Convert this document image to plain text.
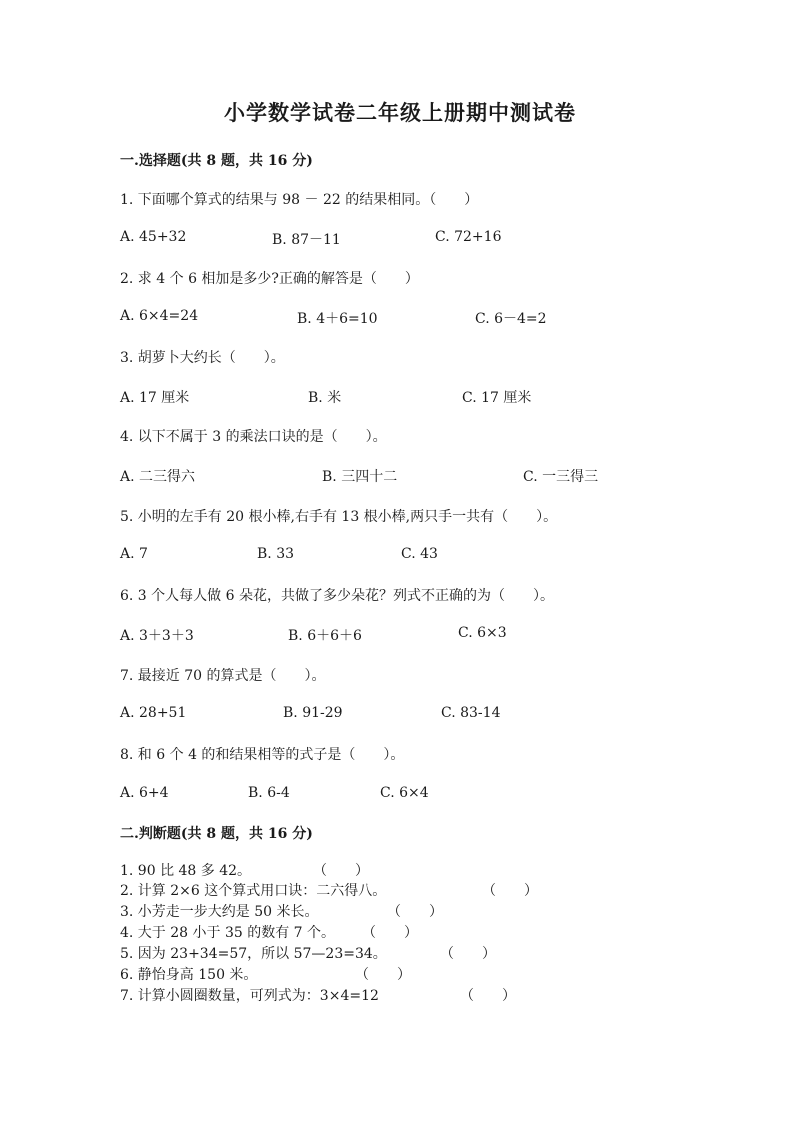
小学数学试卷二年级上册期中测试卷
一.选择题(共 8 题，共 16 分)
1. 下面哪个算式的结果与 98 － 22 的结果相同。（　　）
A. 45+32	B. 87－11	C. 72+16
2. 求 4 个 6 相加是多少?正确的解答是（　　）
A. 6×4=24	B. 4＋6=10	C. 6－4=2
3. 胡萝卜大约长（　　）。
A. 17 厘米	B. 米	C. 17 厘米
4. 以下不属于 3 的乘法口诀的是（　　）。
A. 二三得六	B. 三四十二	C. 一三得三
5. 小明的左手有 20 根小棒,右手有 13 根小棒,两只手一共有（　　）。
A. 7	B. 33	C. 43
6. 3 个人每人做 6 朵花，共做了多少朵花？列式不正确的为（　　）。
A. 3＋3＋3	B. 6＋6＋6	C. 6×3
7. 最接近 70 的算式是（　　）。
A. 28+51	B. 91-29	C. 83-14
8. 和 6 个 4 的和结果相等的式子是（　　）。
A. 6+4	B. 6-4	C. 6×4
二.判断题(共 8 题，共 16 分)
1. 90 比 48 多 42。	（　　）
2. 计算 2×6 这个算式用口诀：二六得八。	（　　）
3. 小芳走一步大约是 50 米长。	（　　）
4. 大于 28 小于 35 的数有 7 个。 （　　）
5. 因为 23+34=57，所以 57—23=34。	（　　）
6. 静怡身高 150 米。	（　　）
7. 计算小圆圈数量，可列式为：3×4=12	（　　）
